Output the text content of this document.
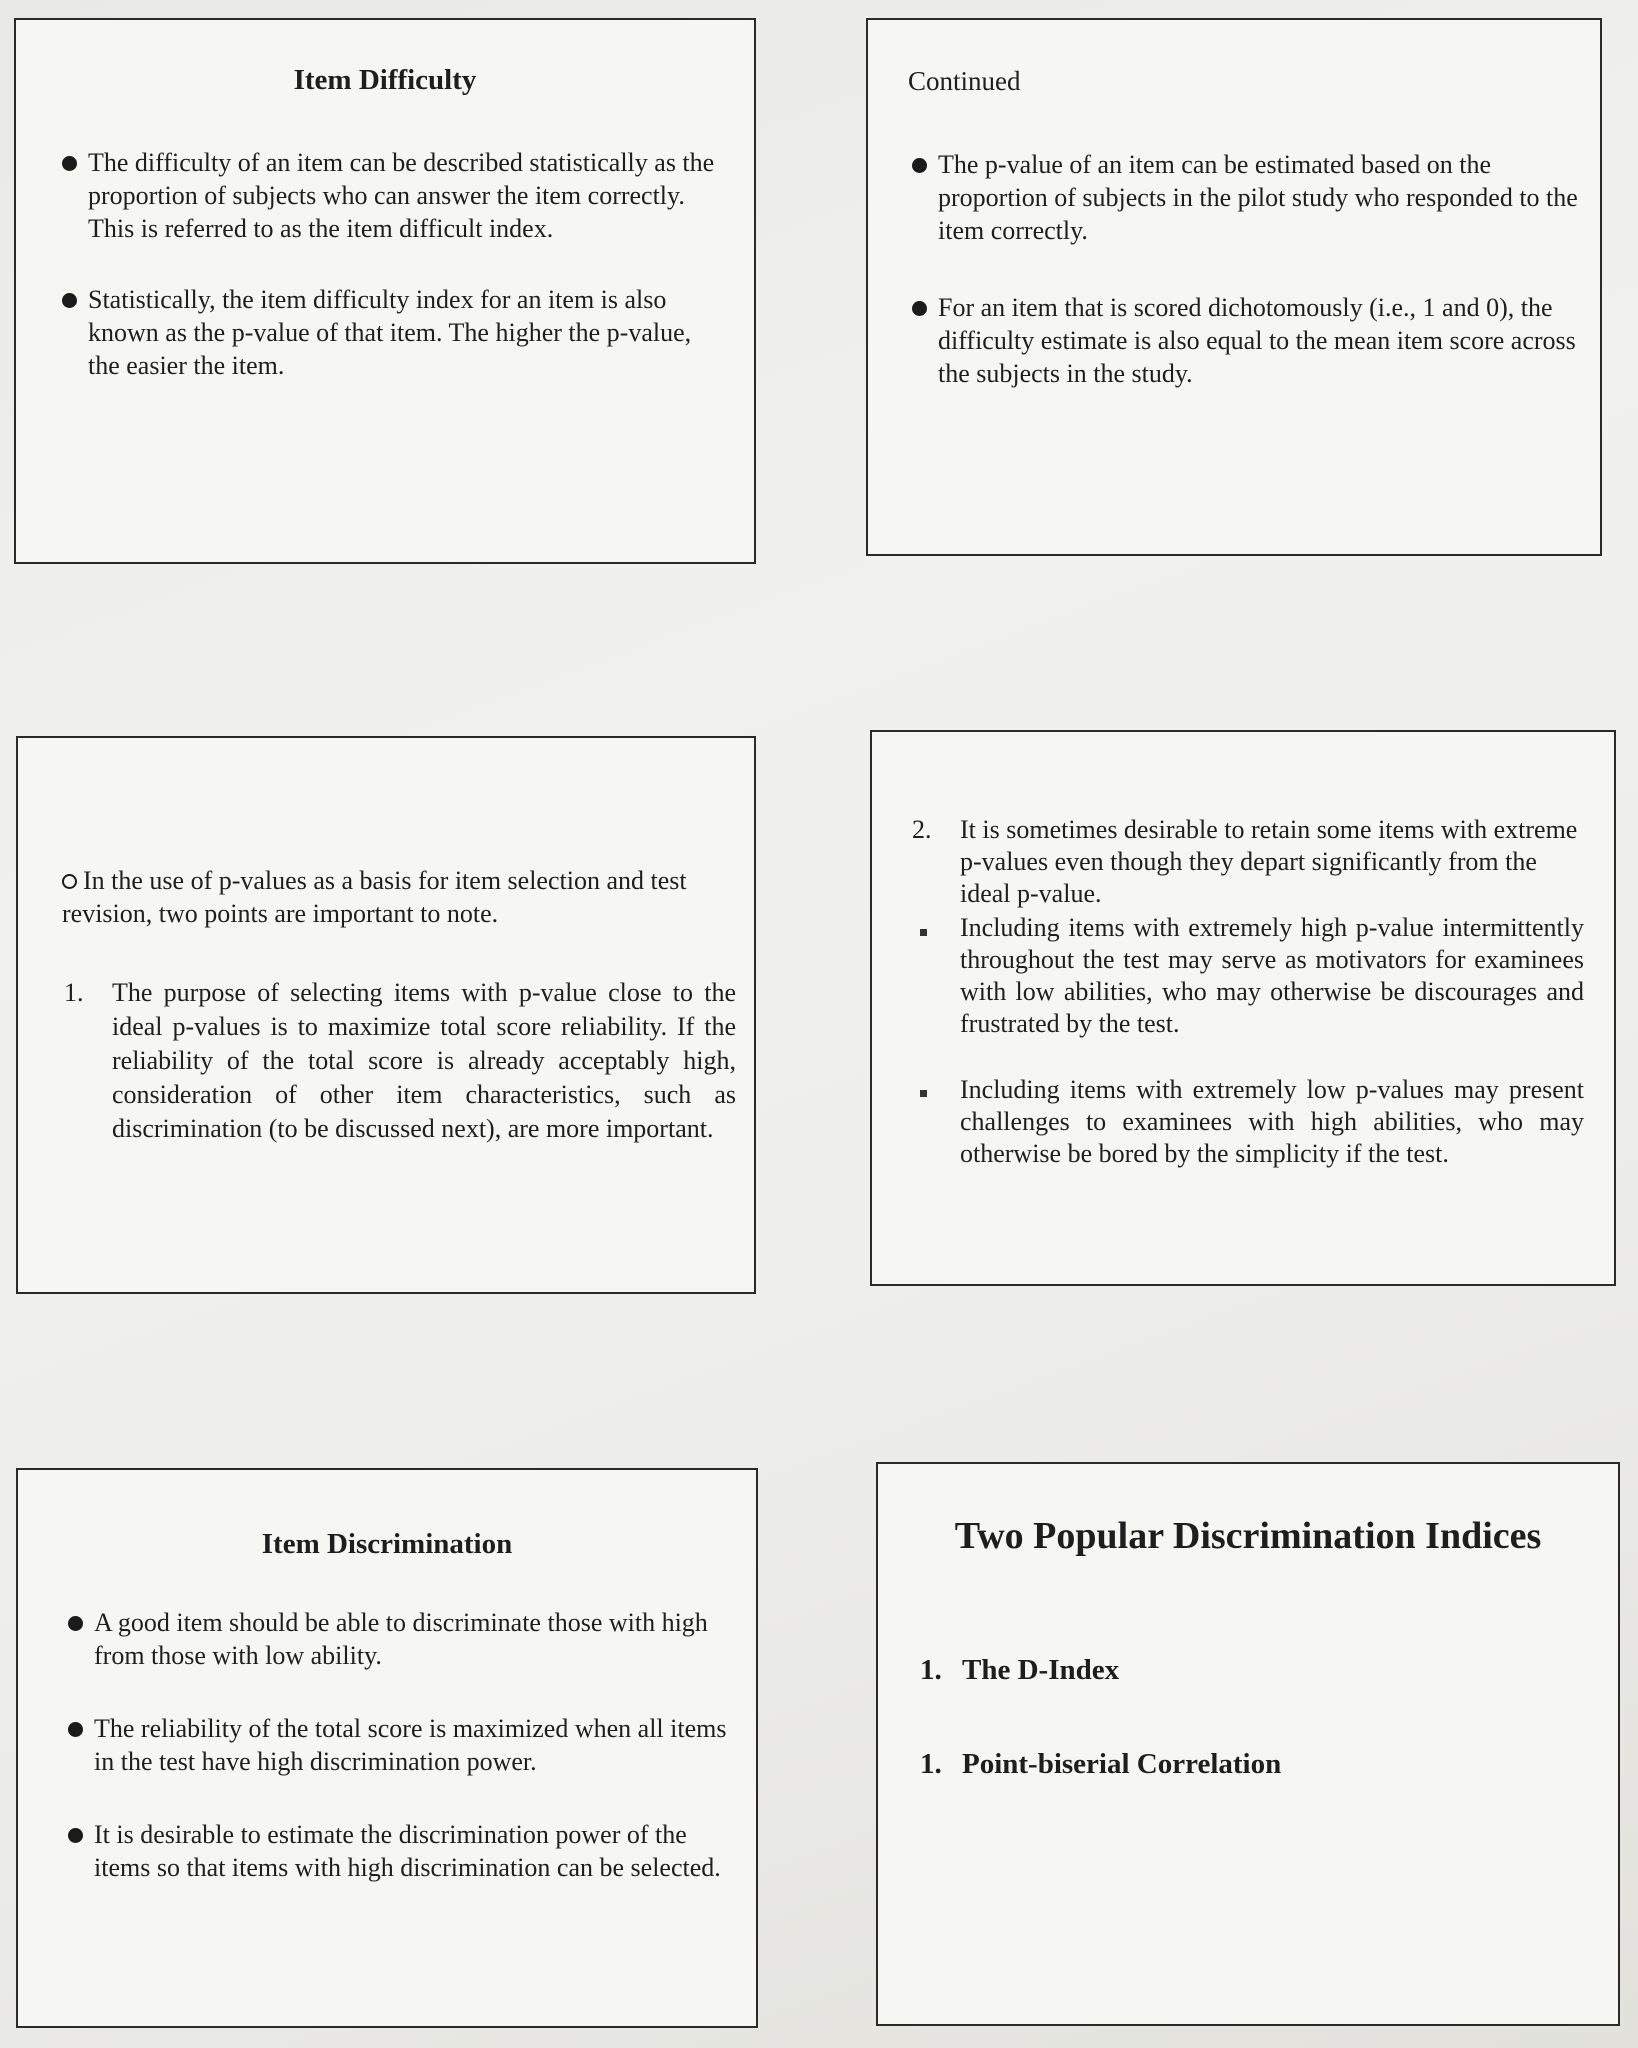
Item Difficulty
The difficulty of an item can be described statistically as the proportion of subjects who can answer the item correctly. This is referred to as the item difficult index.
Statistically, the item difficulty index for an item is also known as the p-value of that item. The higher the p-value, the easier the item.
Continued
The p-value of an item can be estimated based on the proportion of subjects in the pilot study who responded to the item correctly.
For an item that is scored dichotomously (i.e., 1 and 0), the difficulty estimate is also equal to the mean item score across the subjects in the study.

In the use of p-values as a basis for item selection and test revision, two points are important to note.

1.	The purpose of selecting items with p-value close to the ideal p-values is to maximize total score reliability. If the reliability of the total score is already acceptably high, consideration of other item characteristics, such as discrimination (to be discussed next), are more important.
2.	It is sometimes desirable to retain some items with extreme p-values even though they depart significantly from the ideal p-value.
Including items with extremely high p-value intermittently throughout the test may serve as motivators for examinees with low abilities, who may otherwise be discourages and frustrated by the test.
Including items with extremely low p-values may present challenges to examinees with high abilities, who may otherwise be bored by the simplicity if the test.
Item Discrimination
A good item should be able to discriminate those with high from those with low ability.
The reliability of the total score is maximized when all items in the test have high discrimination power.
It is desirable to estimate the discrimination power of the items so that items with high discrimination can be selected.
Two Popular Discrimination Indices
1. The D-Index
1. Point-biserial Correlation
